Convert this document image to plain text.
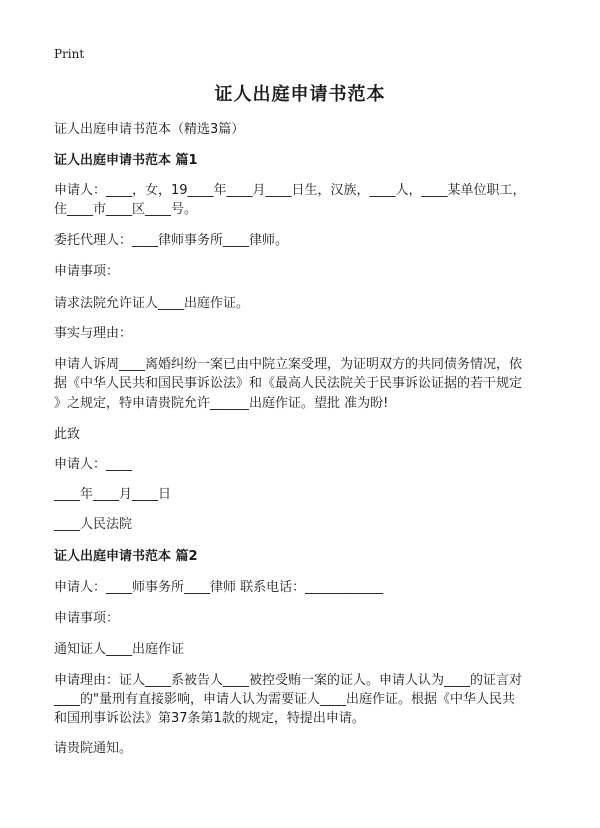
Print
证人出庭申请书范本
证人出庭申请书范本（精选3篇）
证人出庭申请书范本 篇1
申请人：____，女，19____年____月____日生，汉族，____人，____某单位职工，
住____市____区____号。
委托代理人：____律师事务所____律师。
申请事项：
请求法院允许证人____出庭作证。
事实与理由：
申请人诉周____离婚纠纷一案已由中院立案受理，为证明双方的共同债务情况，依
据《中华人民共和国民事诉讼法》和《最高人民法院关于民事诉讼证据的若干规定
》之规定，特申请贵院允许______出庭作证。望批 准为盼!
此致
申请人：____
____年____月____日
____人民法院
证人出庭申请书范本 篇2
申请人：____师事务所____律师 联系电话：____________
申请事项：
通知证人____出庭作证
申请理由：证人____系被告人____被控受贿一案的证人。申请人认为____的证言对
____的"量刑有直接影响，申请人认为需要证人____出庭作证。根据《中华人民共
和国刑事诉讼法》第37条第1款的规定，特提出申请。
请贵院通知。
